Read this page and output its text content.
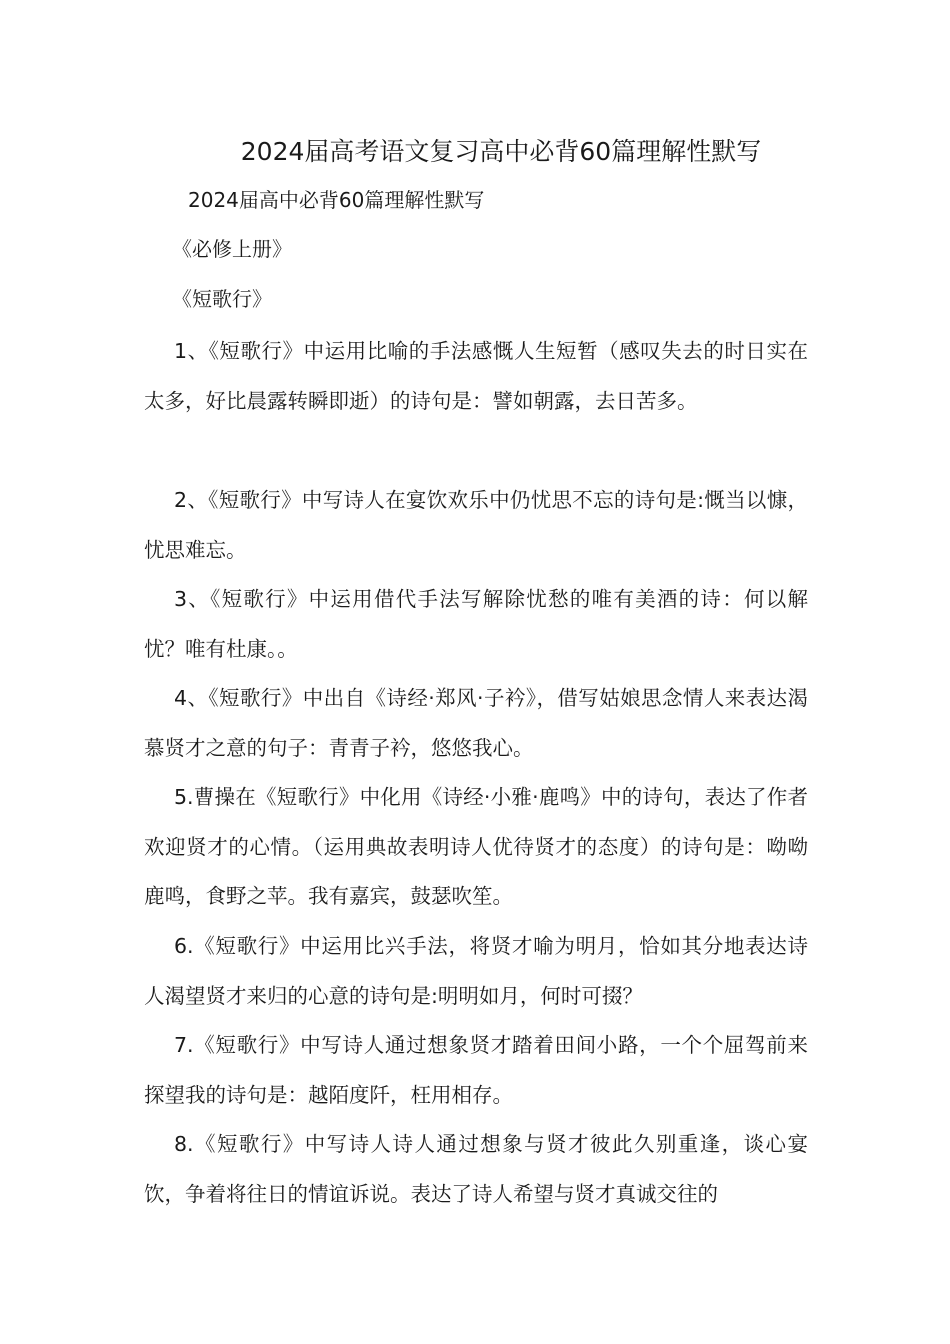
2024届高考语文复习高中必背60篇理解性默写
2024届高中必背60篇理解性默写
《必修上册》
《短歌行》

1、《短歌行》中运用比喻的手法感慨人生短暂（感叹失去的时日实在太多，好比晨露转瞬即逝）的诗句是：譬如朝露，去日苦多。

2、《短歌行》中写诗人在宴饮欢乐中仍忧思不忘的诗句是:慨当以慷，忧思难忘。

3、《短歌行》中运用借代手法写解除忧愁的唯有美酒的诗：何以解忧？唯有杜康。。

4、《短歌行》中出自《诗经·郑风·子衿》，借写姑娘思念情人来表达渴慕贤才之意的句子：青青子衿，悠悠我心。

5.曹操在《短歌行》中化用《诗经·小雅·鹿鸣》中的诗句，表达了作者欢迎贤才的心情。（运用典故表明诗人优待贤才的态度）的诗句是：呦呦鹿鸣，食野之苹。我有嘉宾，鼓瑟吹笙。

6.《短歌行》中运用比兴手法，将贤才喻为明月，恰如其分地表达诗人渴望贤才来归的心意的诗句是:明明如月，何时可掇？

7.《短歌行》中写诗人通过想象贤才踏着田间小路，一个个屈驾前来探望我的诗句是：越陌度阡，枉用相存。

8.《短歌行》中写诗人诗人通过想象与贤才彼此久别重逢，谈心宴饮，争着将往日的情谊诉说。表达了诗人希望与贤才真诚交往的
